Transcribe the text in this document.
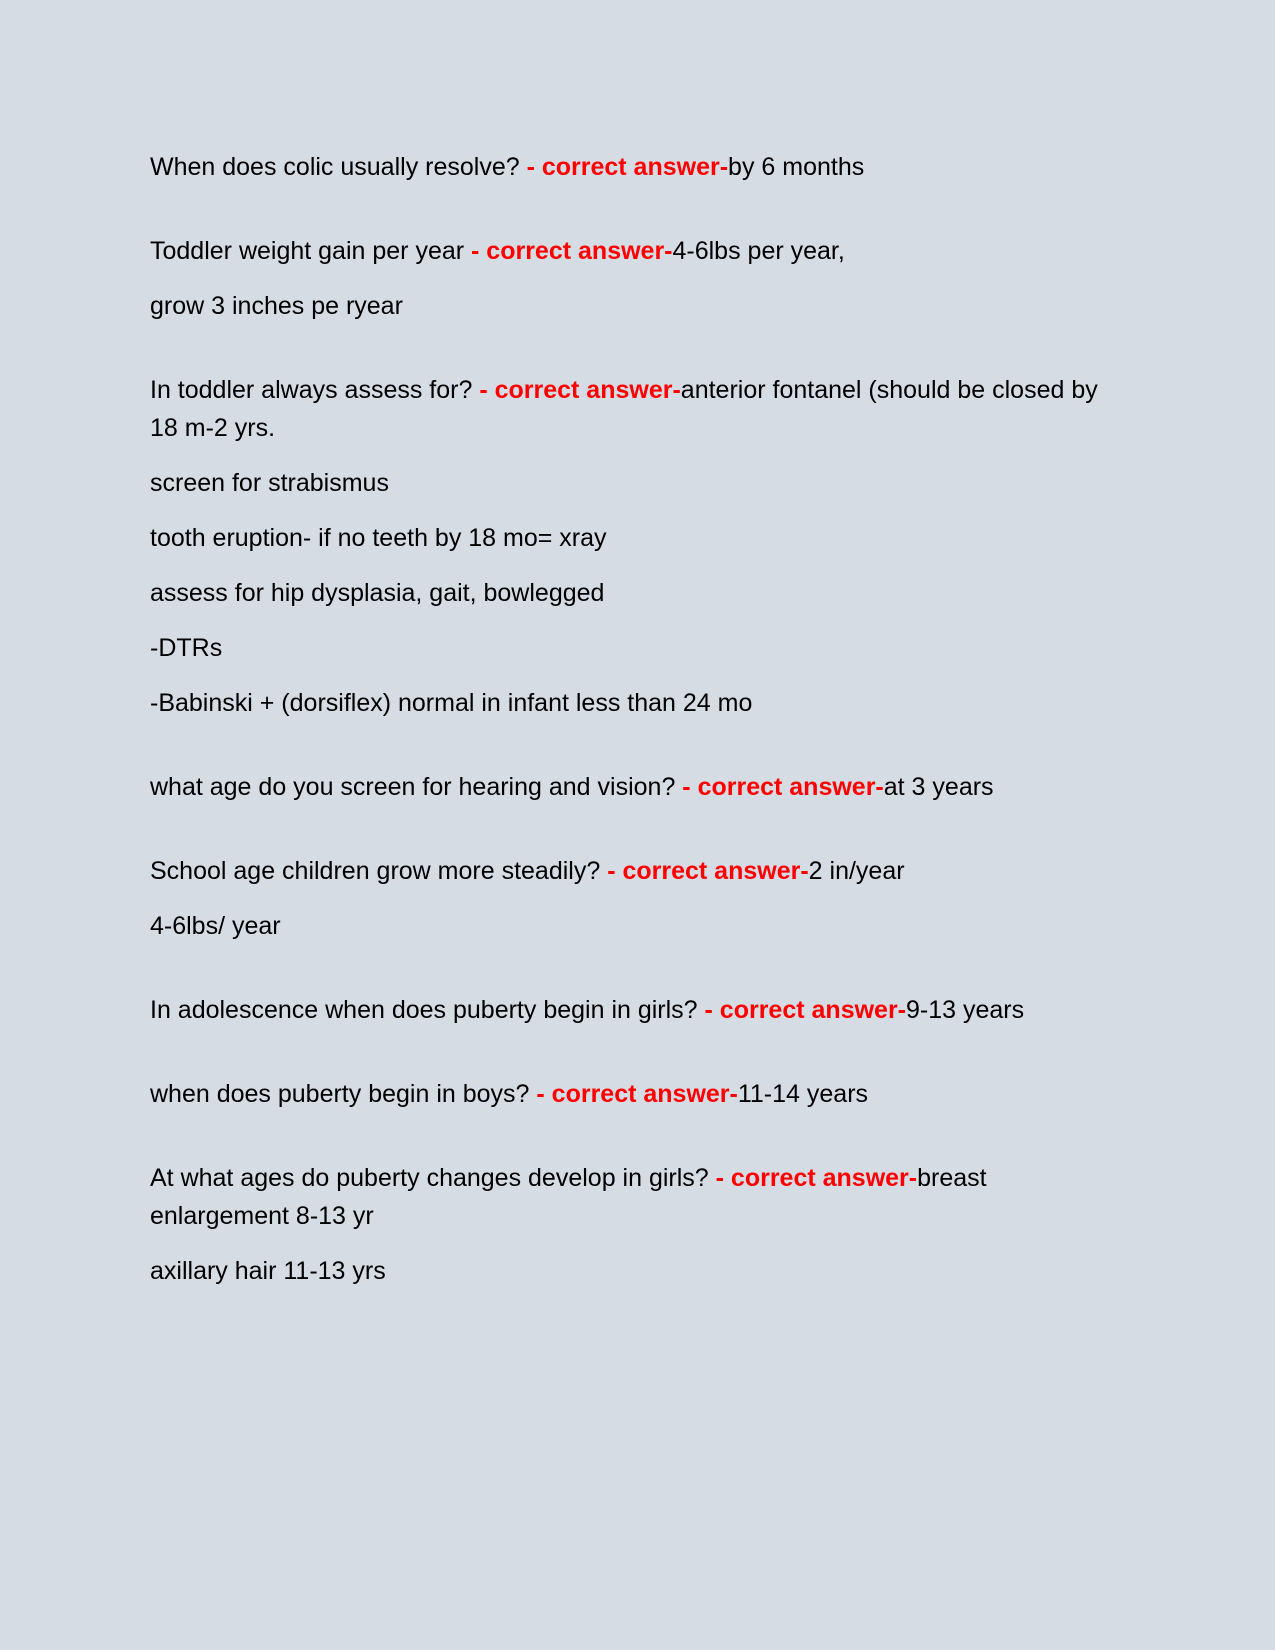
When does colic usually resolve? - correct answer-by 6 months

Toddler weight gain per year - correct answer-4-6lbs per year,

grow 3 inches pe ryear

In toddler always assess for? - correct answer-anterior fontanel (should be closed by 18 m-2 yrs.

screen for strabismus

tooth eruption- if no teeth by 18 mo= xray

assess for hip dysplasia, gait, bowlegged

-DTRs

-Babinski + (dorsiflex) normal in infant less than 24 mo

what age do you screen for hearing and vision? - correct answer-at 3 years

School age children grow more steadily? - correct answer-2 in/year

4-6lbs/ year

In adolescence when does puberty begin in girls? - correct answer-9-13 years

when does puberty begin in boys? - correct answer-11-14 years

At what ages do puberty changes develop in girls? - correct answer-breast enlargement 8-13 yr

axillary hair 11-13 yrs
